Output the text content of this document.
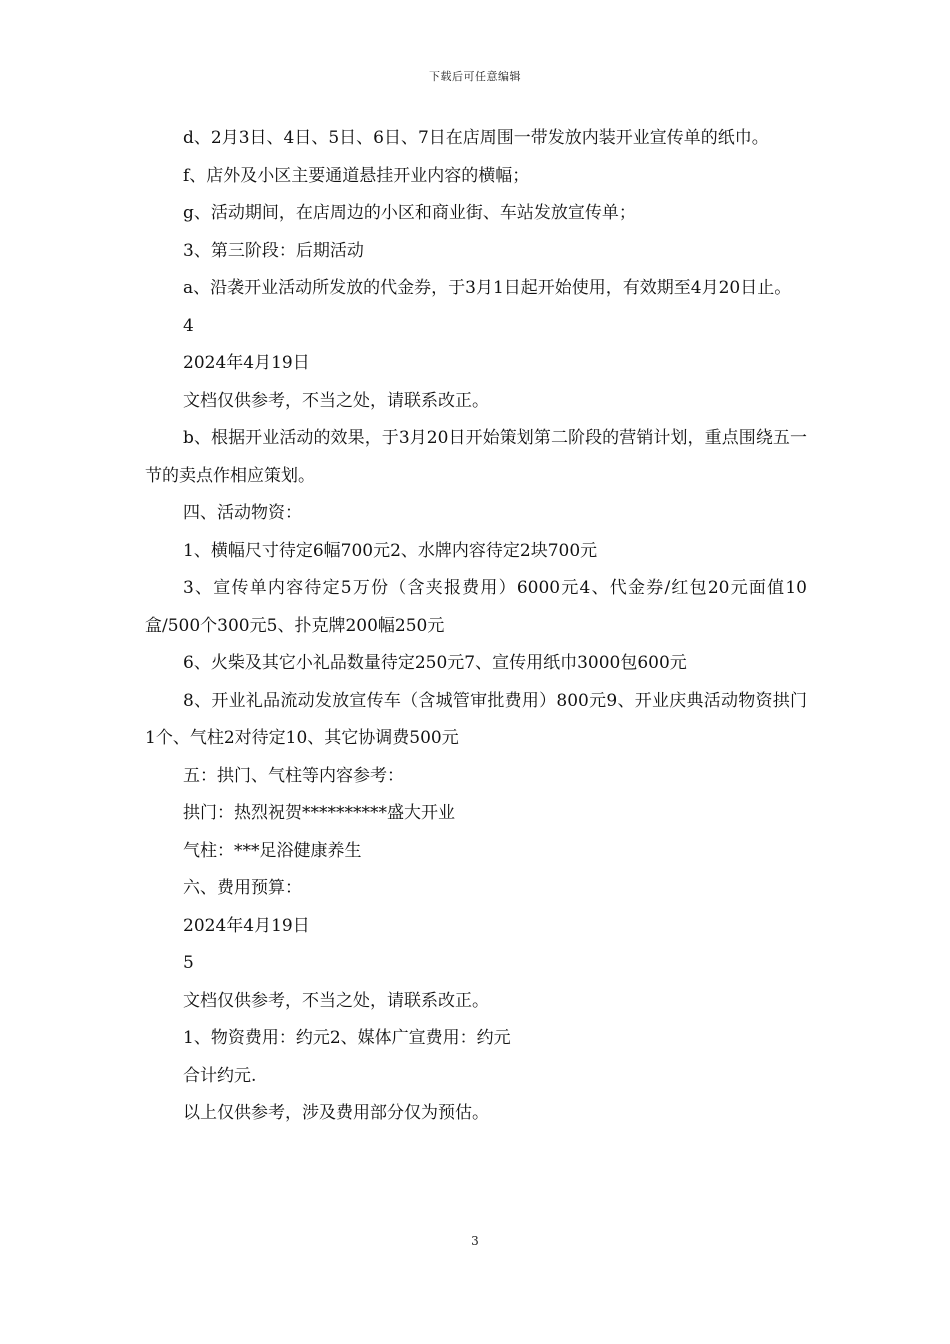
下载后可任意编辑

d、2月3日、4日、5日、6日、7日在店周围一带发放内装开业宣传单的纸巾。

f、店外及小区主要通道悬挂开业内容的横幅；

g、活动期间，在店周边的小区和商业街、车站发放宣传单；

3、第三阶段：后期活动

a、沿袭开业活动所发放的代金券，于3月1日起开始使用，有效期至4月20日止。

4

2024年4月19日

文档仅供参考，不当之处，请联系改正。

b、根据开业活动的效果，于3月20日开始策划第二阶段的营销计划，重点围绕五一节的卖点作相应策划。

四、活动物资：

1、横幅尺寸待定6幅700元2、水牌内容待定2块700元

3、宣传单内容待定5万份（含夹报费用）6000元4、代金券/红包20元面值10盒/500个300元5、扑克牌200幅250元

6、火柴及其它小礼品数量待定250元7、宣传用纸巾3000包600元

8、开业礼品流动发放宣传车（含城管审批费用）800元9、开业庆典活动物资拱门1个、气柱2对待定10、其它协调费500元

五：拱门、气柱等内容参考：

拱门：热烈祝贺**********盛大开业

气柱：***足浴健康养生

六、费用预算：

2024年4月19日

5

文档仅供参考，不当之处，请联系改正。

1、物资费用：约元2、媒体广宣费用：约元

合计约元.

以上仅供参考，涉及费用部分仅为预估。

3
